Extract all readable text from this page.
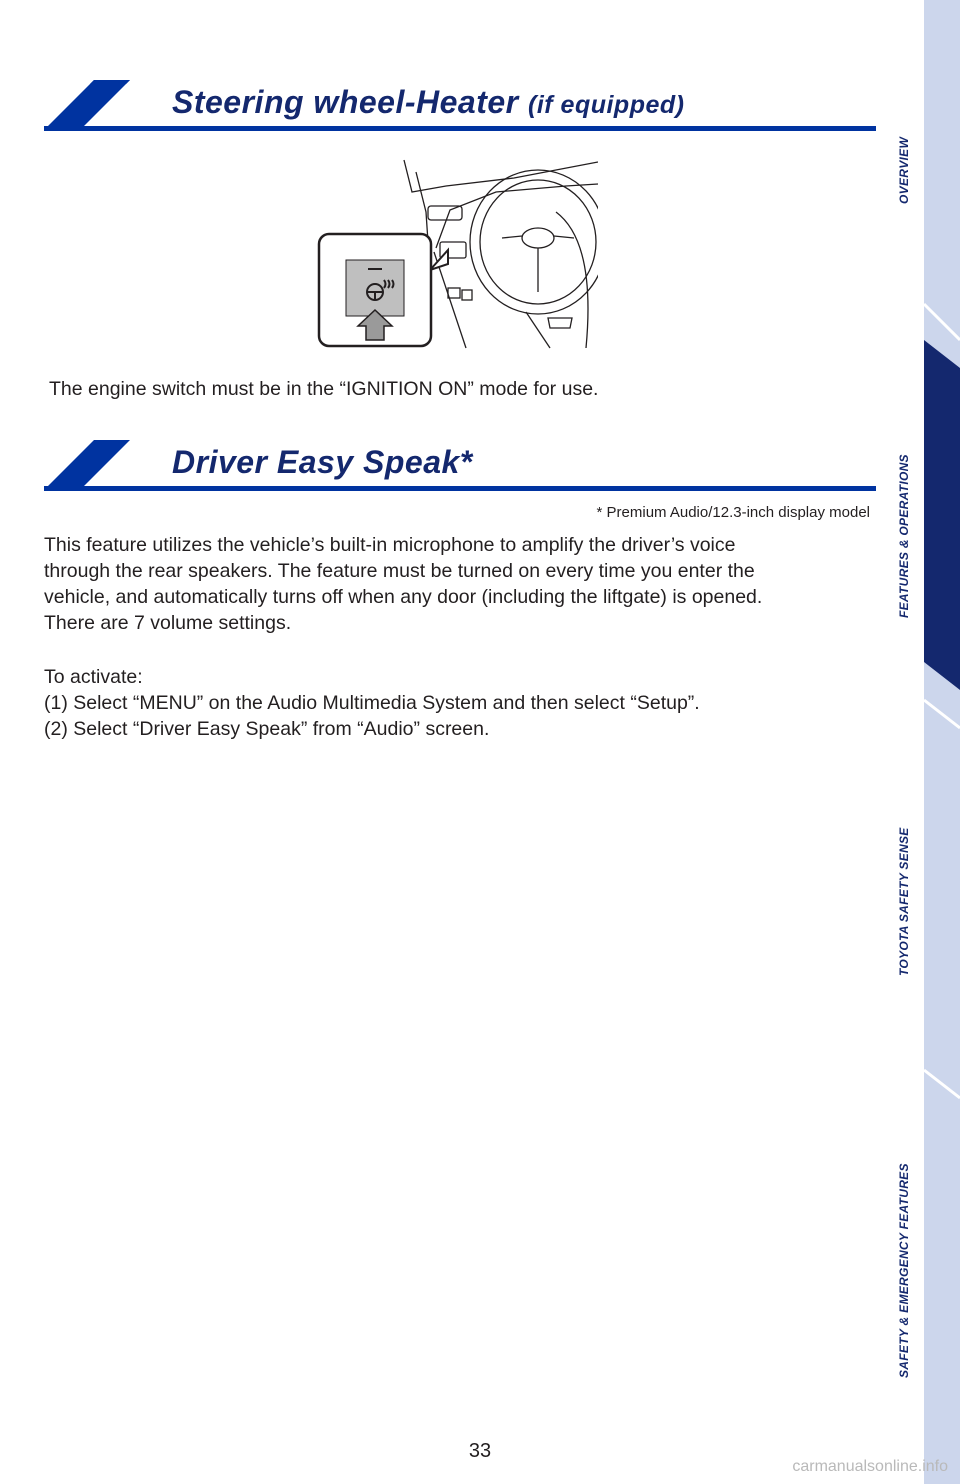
OVERVIEW
FEATURES & OPERATIONS
TOYOTA SAFETY SENSE
SAFETY & EMERGENCY FEATURES
Steering wheel-Heater (if equipped)
The engine switch must be in the “IGNITION ON” mode for use.
Driver Easy Speak*
* Premium Audio/12.3-inch display model
This feature utilizes the vehicle’s built-in microphone to amplify the driver’s voice
through the rear speakers. The feature must be turned on every time you enter the
vehicle, and automatically turns off when any door (including the liftgate) is opened.
There are 7 volume settings.
To activate:
(1) Select “MENU” on the Audio Multimedia System and then select “Setup”.
(2) Select “Driver Easy Speak” from “Audio” screen.
33
carmanualsonline.info
